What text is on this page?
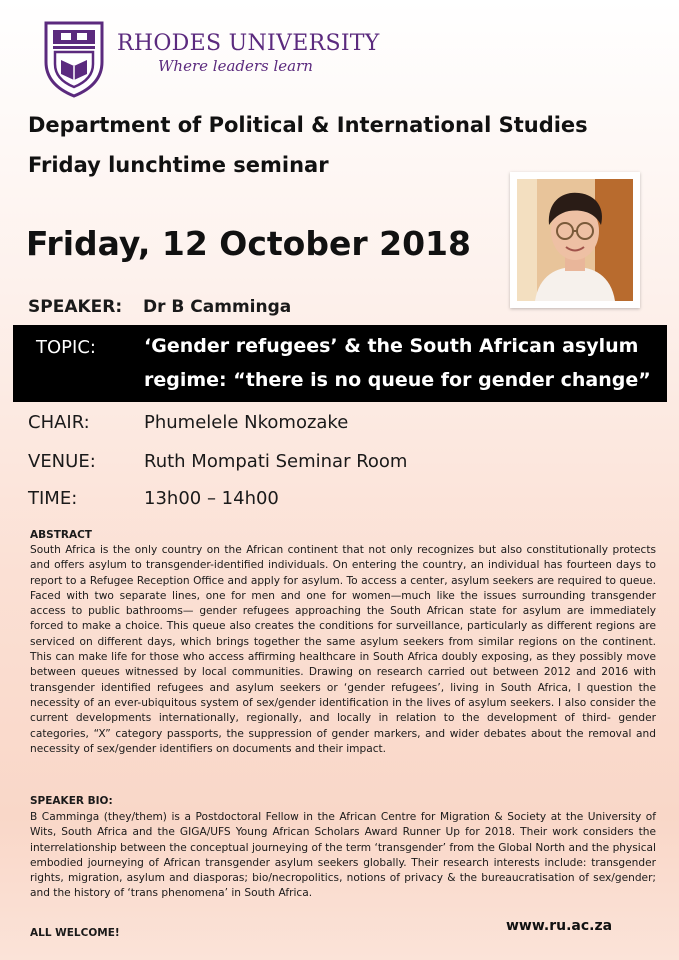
RHODES UNIVERSITY
Where leaders learn
Department of Political & International Studies
Friday lunchtime seminar
Friday, 12 October 2018
SPEAKER: Dr B Camminga
TOPIC:	‘Gender refugees’ & the South African asylum
regime: “there is no queue for gender change”
CHAIR:	Phumelele Nkomozake
VENUE:	Ruth Mompati Seminar Room
TIME:	13h00 – 14h00
ABSTRACT
South Africa is the only country on the African continent that not only recognizes but also constitutionally protects and offers asylum to transgender-identified individuals. On entering the country, an individual has fourteen days to report to a Refugee Reception Office and apply for asylum. To access a center, asylum seekers are required to queue. Faced with two separate lines, one for men and one for women—much like the issues surrounding transgender access to public bathrooms— gender refugees approaching the South African state for asylum are immediately forced to make a choice. This queue also creates the conditions for surveillance, particularly as different regions are serviced on different days, which brings together the same asylum seekers from similar regions on the continent. This can make life for those who access affirming healthcare in South Africa doubly exposing, as they possibly move between queues witnessed by local communities. Drawing on research carried out between 2012 and 2016 with transgender identified refugees and asylum seekers or ‘gender refugees’, living in South Africa, I question the necessity of an ever-ubiquitous system of sex/gender identification in the lives of asylum seekers. I also consider the current developments internationally, regionally, and locally in relation to the development of third- gender categories, “X” category passports, the suppression of gender markers, and wider debates about the removal and necessity of sex/gender identifiers on documents and their impact.
SPEAKER BIO:
B Camminga (they/them) is a Postdoctoral Fellow in the African Centre for Migration & Society at the University of Wits, South Africa and the GIGA/UFS Young African Scholars Award Runner Up for 2018. Their work considers the interrelationship between the conceptual journeying of the term ‘transgender’ from the Global North and the physical embodied journeying of African transgender asylum seekers globally. Their research interests include: transgender rights, migration, asylum and diasporas; bio/necropolitics, notions of privacy & the bureaucratisation of sex/gender; and the history of ‘trans phenomena’ in South Africa.
ALL WELCOME!	www.ru.ac.za
